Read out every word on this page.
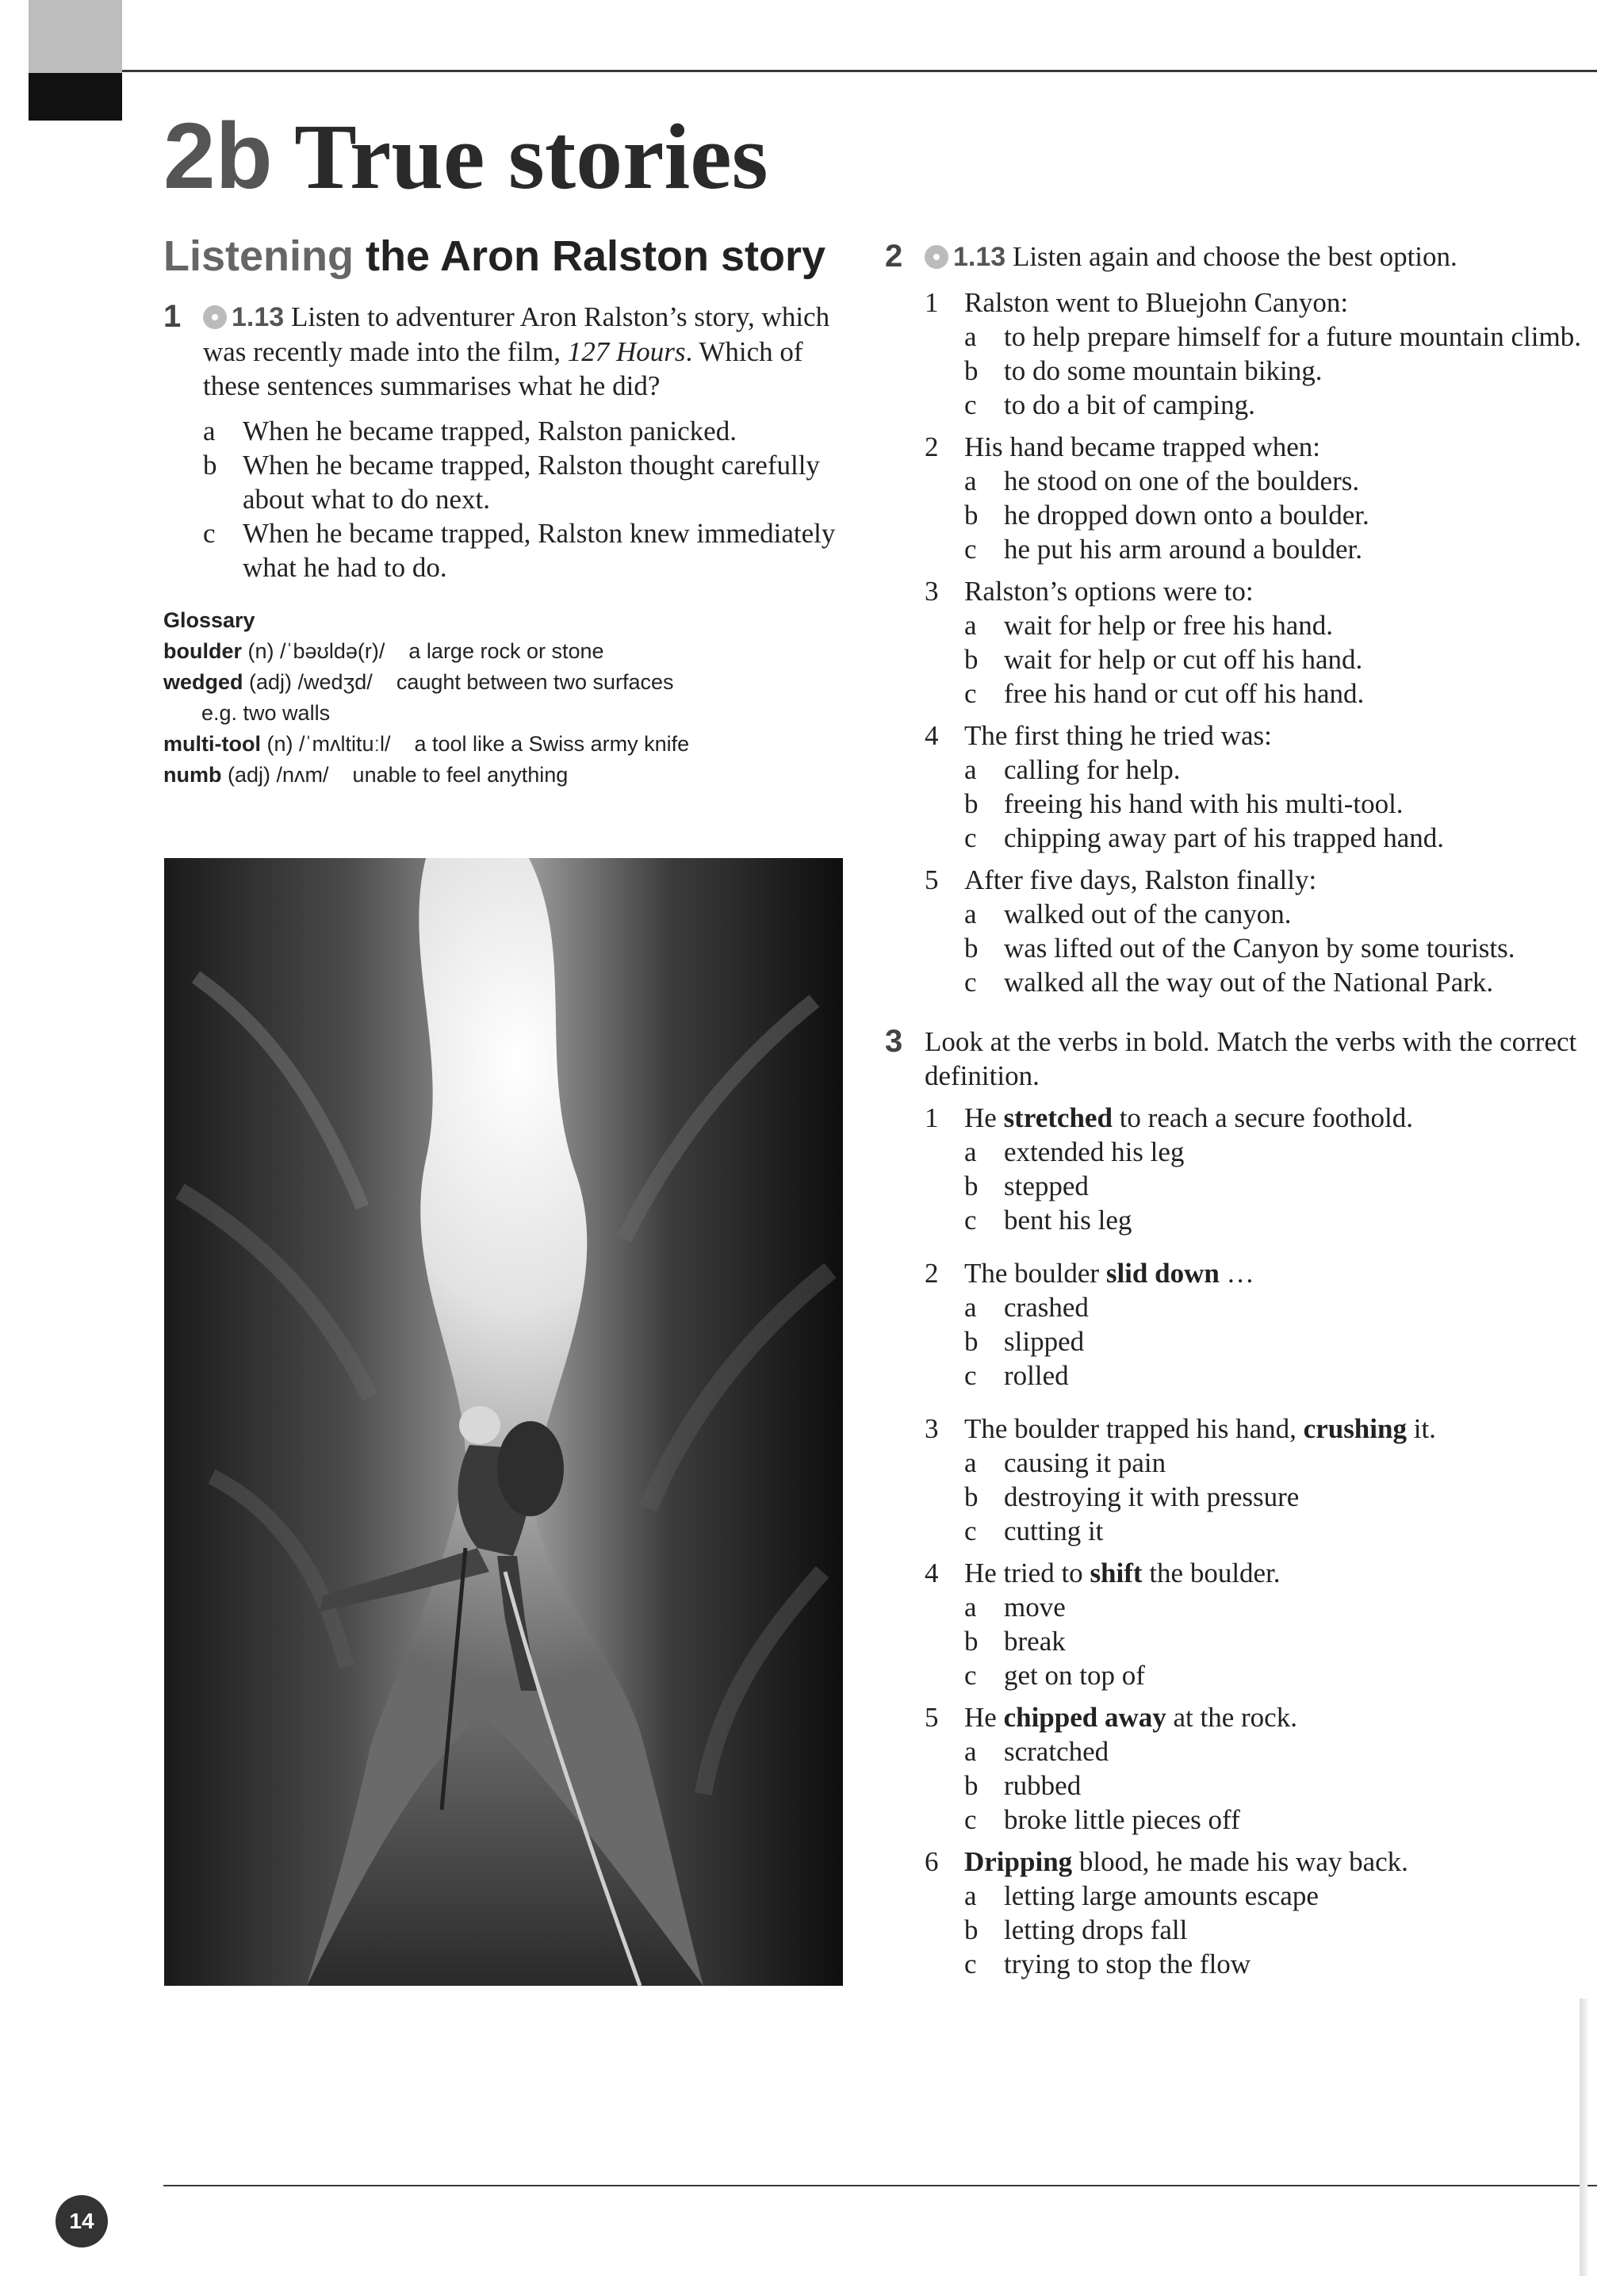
2b True stories
Listening the Aron Ralston story
1 1.13 Listen to adventurer Aron Ralston’s story, which was recently made into the film, 127 Hours. Which of these sentences summarises what he did?
a When he became trapped, Ralston panicked.
b When he became trapped, Ralston thought carefully about what to do next.
c When he became trapped, Ralston knew immediately what he had to do.
Glossary
boulder (n) /ˈbəʊldə(r)/ a large rock or stone
wedged (adj) /wedʒd/ caught between two surfaces
e.g. two walls
multi-tool (n) /ˈmʌltituːl/ a tool like a Swiss army knife
numb (adj) /nʌm/ unable to feel anything
2 1.13 Listen again and choose the best option.
1 Ralston went to Bluejohn Canyon:
a to help prepare himself for a future mountain climb.
b to do some mountain biking.
c to do a bit of camping.
2 His hand became trapped when:
a he stood on one of the boulders.
b he dropped down onto a boulder.
c he put his arm around a boulder.
3 Ralston’s options were to:
a wait for help or free his hand.
b wait for help or cut off his hand.
c free his hand or cut off his hand.
4 The first thing he tried was:
a calling for help.
b freeing his hand with his multi-tool.
c chipping away part of his trapped hand.
5 After five days, Ralston finally:
a walked out of the canyon.
b was lifted out of the Canyon by some tourists.
c walked all the way out of the National Park.
3 Look at the verbs in bold. Match the verbs with the correct definition.
1 He stretched to reach a secure foothold.
a extended his leg
b stepped
c bent his leg
2 The boulder slid down …
a crashed
b slipped
c rolled
3 The boulder trapped his hand, crushing it.
a causing it pain
b destroying it with pressure
c cutting it
4 He tried to shift the boulder.
a move
b break
c get on top of
5 He chipped away at the rock.
a scratched
b rubbed
c broke little pieces off
6 Dripping blood, he made his way back.
a letting large amounts escape
b letting drops fall
c trying to stop the flow
14
